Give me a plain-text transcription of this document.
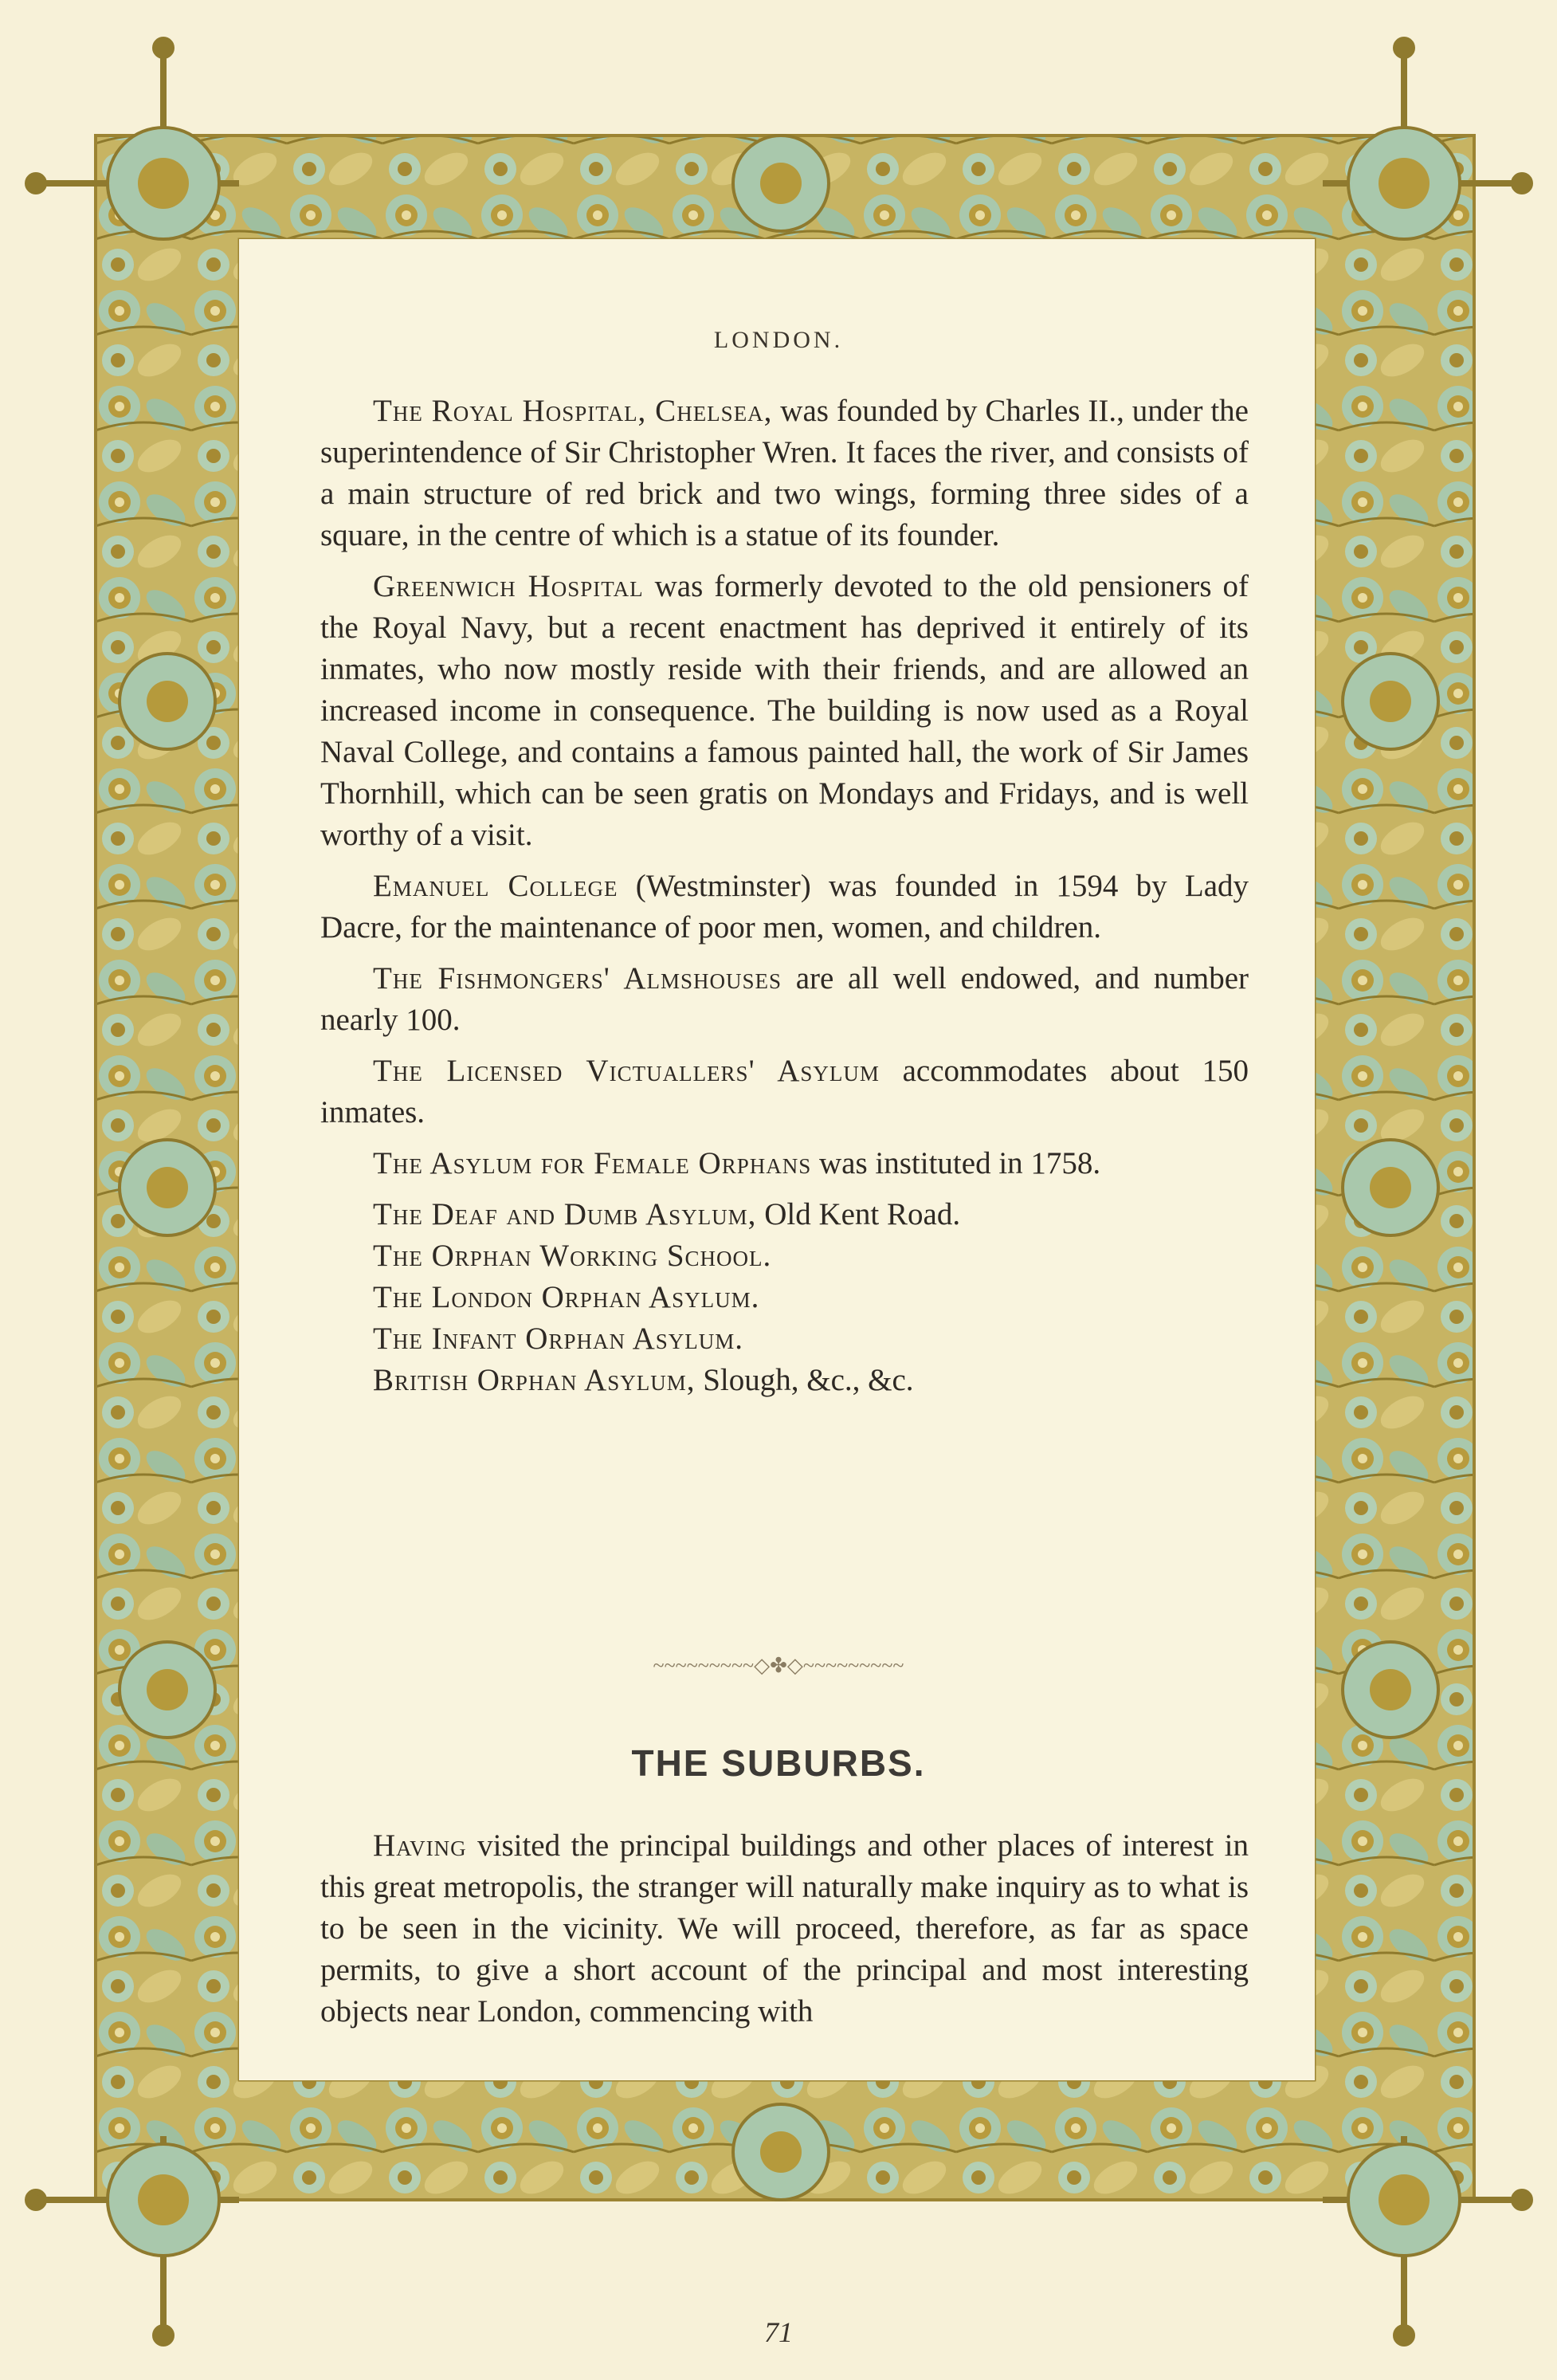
LONDON.

The Royal Hospital, Chelsea, was founded by Charles II., under the superintendence of Sir Christopher Wren. It faces the river, and consists of a main structure of red brick and two wings, forming three sides of a square, in the centre of which is a statue of its founder.

Greenwich Hospital was formerly devoted to the old pensioners of the Royal Navy, but a recent enactment has deprived it entirely of its inmates, who now mostly reside with their friends, and are allowed an increased income in consequence. The building is now used as a Royal Naval College, and contains a famous painted hall, the work of Sir James Thornhill, which can be seen gratis on Mondays and Fridays, and is well worthy of a visit.

Emanuel College (Westminster) was founded in 1594 by Lady Dacre, for the maintenance of poor men, women, and children.

The Fishmongers' Almshouses are all well endowed, and number nearly 100.

The Licensed Victuallers' Asylum accommodates about 150 inmates.

The Asylum for Female Orphans was instituted in 1758.

The Deaf and Dumb Asylum, Old Kent Road.

The Orphan Working School.

The London Orphan Asylum.

The Infant Orphan Asylum.

British Orphan Asylum, Slough, &c., &c.

~~~~~~~~~◇✤◇~~~~~~~~~
THE SUBURBS.

Having visited the principal buildings and other places of interest in this great metropolis, the stranger will naturally make inquiry as to what is to be seen in the vicinity. We will proceed, therefore, as far as space permits, to give a short account of the principal and most interesting objects near London, commencing with

71
